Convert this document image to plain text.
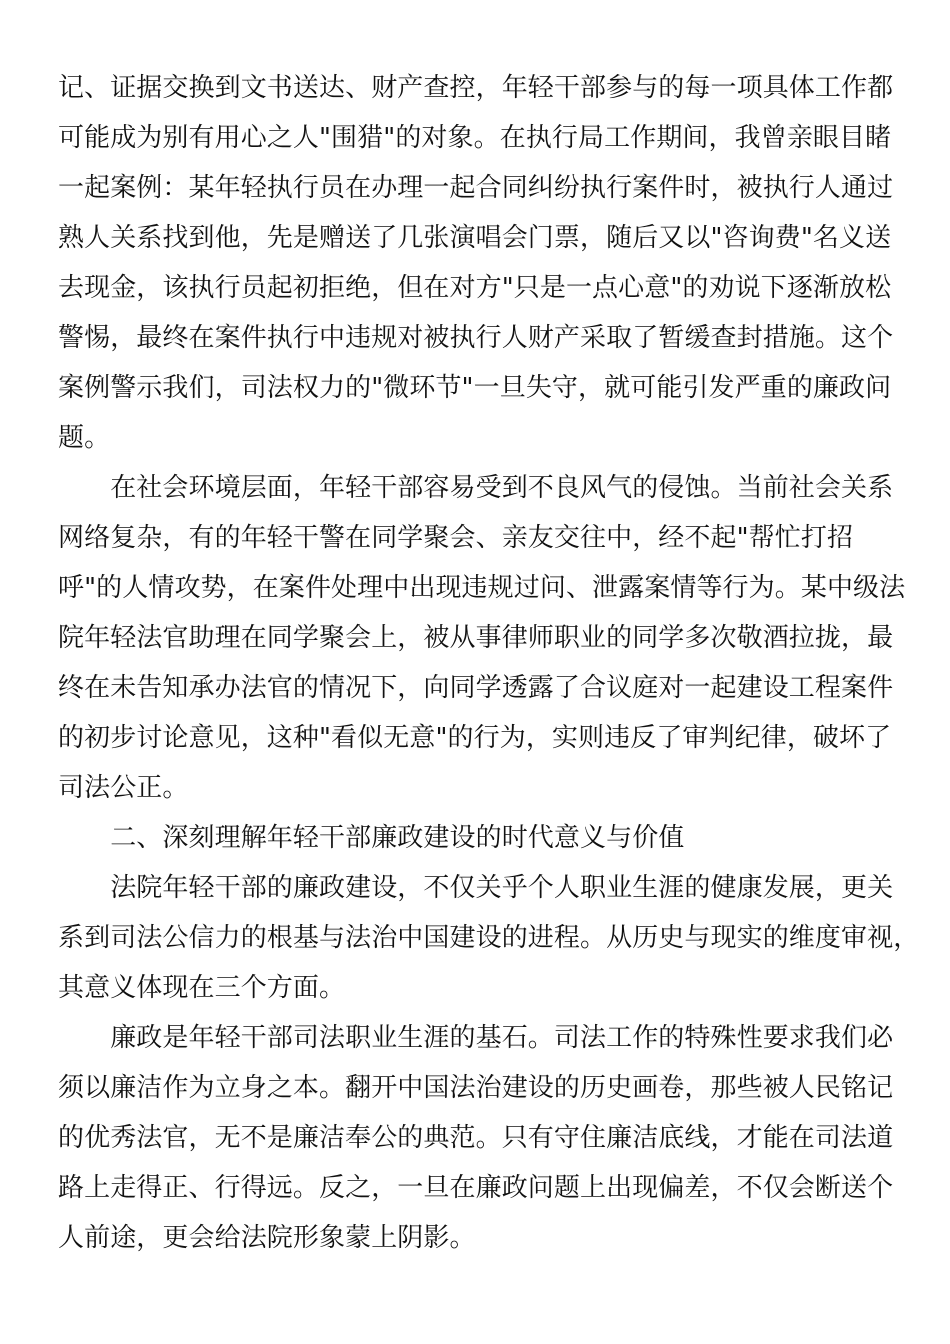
记、证据交换到文书送达、财产查控，年轻干部参与的每一项具体工作都
可能成为别有用心之人"围猎"的对象。在执行局工作期间，我曾亲眼目睹
一起案例：某年轻执行员在办理一起合同纠纷执行案件时，被执行人通过
熟人关系找到他，先是赠送了几张演唱会门票，随后又以"咨询费"名义送
去现金，该执行员起初拒绝，但在对方"只是一点心意"的劝说下逐渐放松
警惕，最终在案件执行中违规对被执行人财产采取了暂缓查封措施。这个
案例警示我们，司法权力的"微环节"一旦失守，就可能引发严重的廉政问
题。
　　在社会环境层面，年轻干部容易受到不良风气的侵蚀。当前社会关系
网络复杂，有的年轻干警在同学聚会、亲友交往中，经不起"帮忙打招
呼"的人情攻势，在案件处理中出现违规过问、泄露案情等行为。某中级法
院年轻法官助理在同学聚会上，被从事律师职业的同学多次敬酒拉拢，最
终在未告知承办法官的情况下，向同学透露了合议庭对一起建设工程案件
的初步讨论意见，这种"看似无意"的行为，实则违反了审判纪律，破坏了
司法公正。
　　二、深刻理解年轻干部廉政建设的时代意义与价值
　　法院年轻干部的廉政建设，不仅关乎个人职业生涯的健康发展，更关
系到司法公信力的根基与法治中国建设的进程。从历史与现实的维度审视，
其意义体现在三个方面。
　　廉政是年轻干部司法职业生涯的基石。司法工作的特殊性要求我们必
须以廉洁作为立身之本。翻开中国法治建设的历史画卷，那些被人民铭记
的优秀法官，无不是廉洁奉公的典范。只有守住廉洁底线，才能在司法道
路上走得正、行得远。反之，一旦在廉政问题上出现偏差，不仅会断送个
人前途，更会给法院形象蒙上阴影。
